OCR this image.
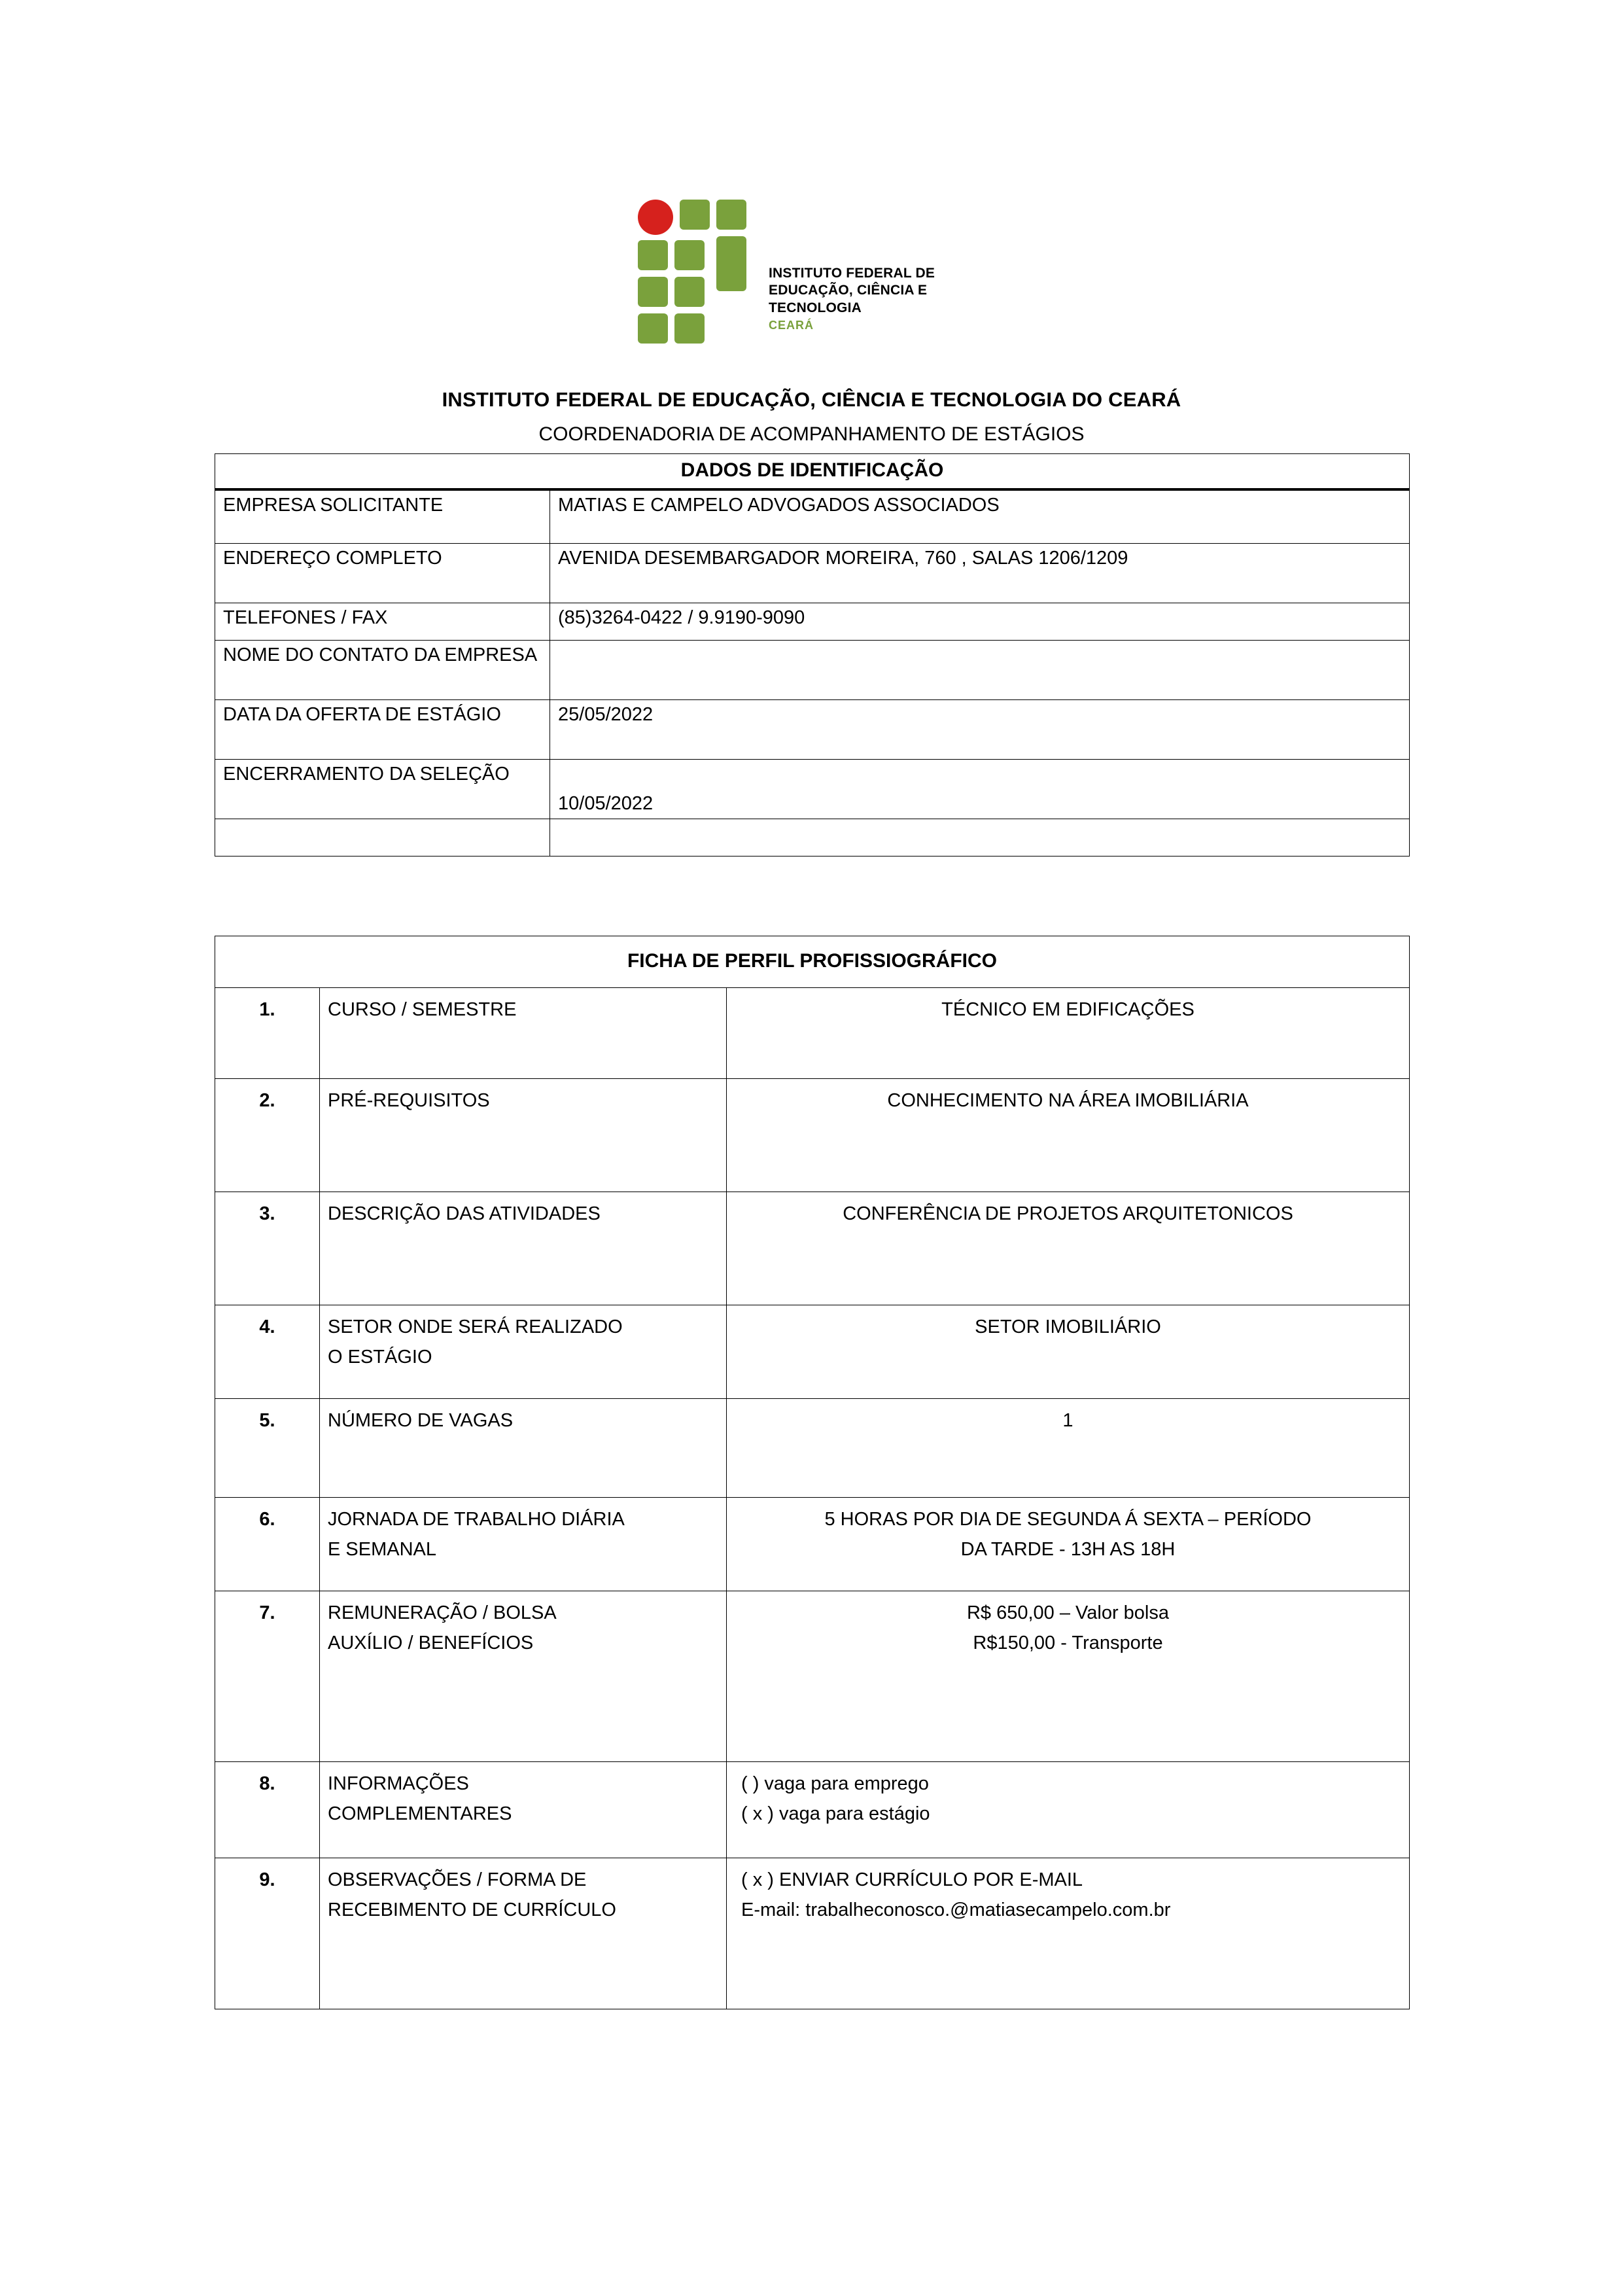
INSTITUTO FEDERAL DE
EDUCAÇÃO, CIÊNCIA E TECNOLOGIA
CEARÁ
INSTITUTO FEDERAL DE EDUCAÇÃO, CIÊNCIA E TECNOLOGIA DO CEARÁ
COORDENADORIA DE ACOMPANHAMENTO DE ESTÁGIOS
DADOS DE IDENTIFICAÇÃO	
EMPRESA SOLICITANTE	MATIAS E CAMPELO ADVOGADOS ASSOCIADOS
ENDEREÇO COMPLETO	AVENIDA DESEMBARGADOR MOREIRA, 760 , SALAS 1206/1209
TELEFONES / FAX	(85)3264-0422 / 9.9190-9090
NOME DO CONTATO DA EMPRESA	
DATA DA OFERTA DE ESTÁGIO	25/05/2022
ENCERRAMENTO DA SELEÇÃO	10/05/2022

FICHA DE PERFIL PROFISSIOGRÁFICO		
1.	CURSO / SEMESTRE	TÉCNICO EM EDIFICAÇÕES
2.	PRÉ-REQUISITOS	CONHECIMENTO NA ÁREA IMOBILIÁRIA
3.	DESCRIÇÃO DAS ATIVIDADES	CONFERÊNCIA DE PROJETOS ARQUITETONICOS
4.	SETOR ONDE SERÁ REALIZADO
O ESTÁGIO	SETOR IMOBILIÁRIO
5.	NÚMERO DE VAGAS	1
6.	JORNADA DE TRABALHO DIÁRIA
E SEMANAL	5 HORAS POR DIA DE SEGUNDA Á SEXTA – PERÍODO
DA TARDE - 13H AS 18H

7.	REMUNERAÇÃO / BOLSA
AUXÍLIO / BENEFÍCIOS	R$ 650,00 – Valor bolsa
R$150,00 - Transporte

8.	INFORMAÇÕES
COMPLEMENTARES	( ) vaga para emprego
( x ) vaga para estágio

9.	OBSERVAÇÕES / FORMA DE
RECEBIMENTO DE CURRÍCULO	( x ) ENVIAR CURRÍCULO POR E-MAIL
E-mail: trabalheconosco.@matiasecampelo.com.br
